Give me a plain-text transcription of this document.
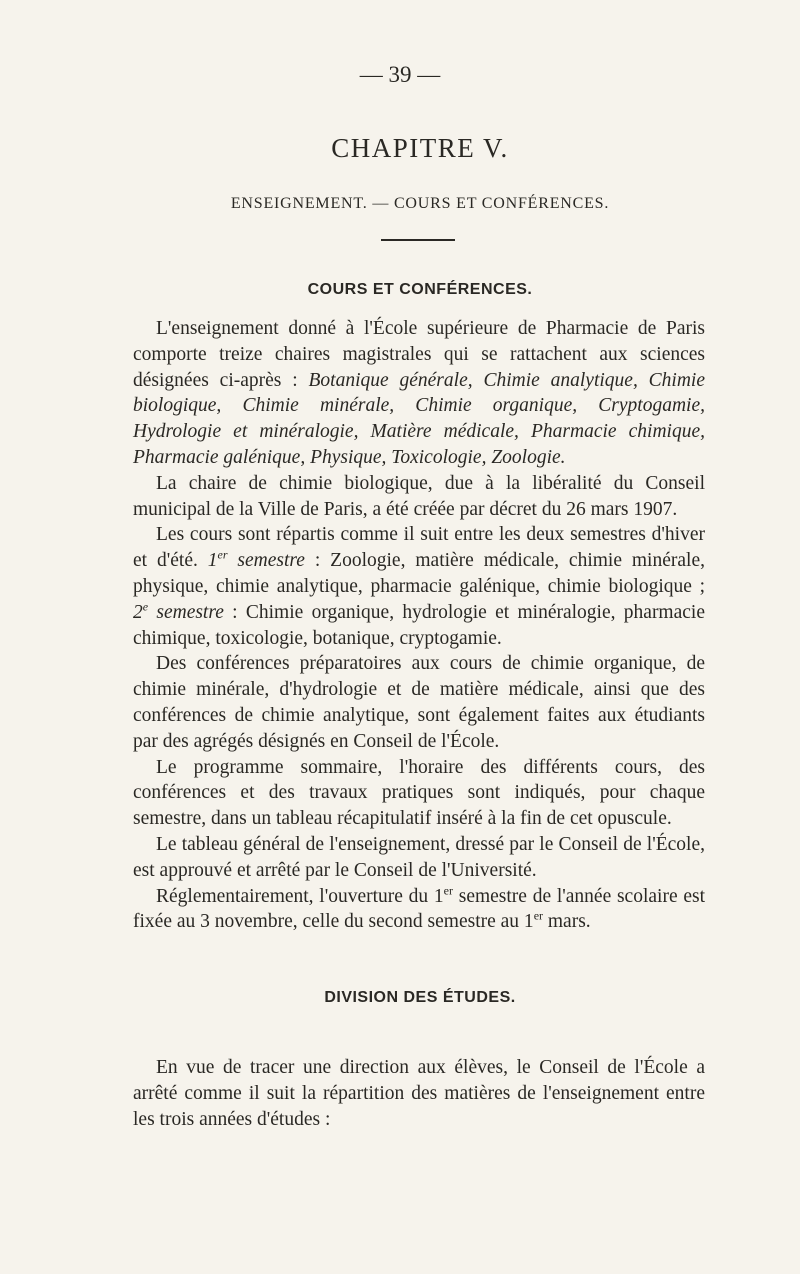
— 39 —
CHAPITRE V.
ENSEIGNEMENT. — COURS ET CONFÉRENCES.
COURS ET CONFÉRENCES.

L'enseignement donné à l'École supérieure de Pharmacie de Paris comporte treize chaires magistrales qui se rattachent aux sciences désignées ci-après : Botanique générale, Chimie analytique, Chimie biologique, Chimie minérale, Chimie organique, Cryptogamie, Hydrologie et minéralogie, Matière médicale, Pharmacie chimique, Pharmacie galénique, Physique, Toxicologie, Zoologie.

La chaire de chimie biologique, due à la libéralité du Conseil municipal de la Ville de Paris, a été créée par décret du 26 mars 1907.

Les cours sont répartis comme il suit entre les deux semestres d'hiver et d'été. 1er semestre : Zoologie, matière médicale, chimie minérale, physique, chimie analytique, pharmacie galénique, chimie biologique ; 2e semestre : Chimie organique, hydrologie et minéralogie, pharmacie chimique, toxicologie, botanique, cryptogamie.

Des conférences préparatoires aux cours de chimie organique, de chimie minérale, d'hydrologie et de matière médicale, ainsi que des conférences de chimie analytique, sont également faites aux étudiants par des agrégés désignés en Conseil de l'École.

Le programme sommaire, l'horaire des différents cours, des conférences et des travaux pratiques sont indiqués, pour chaque semestre, dans un tableau récapitulatif inséré à la fin de cet opuscule.

Le tableau général de l'enseignement, dressé par le Conseil de l'École, est approuvé et arrêté par le Conseil de l'Université.

Réglementairement, l'ouverture du 1er semestre de l'année scolaire est fixée au 3 novembre, celle du second semestre au 1er mars.

DIVISION DES ÉTUDES.

En vue de tracer une direction aux élèves, le Conseil de l'École a arrêté comme il suit la répartition des matières de l'enseignement entre les trois années d'études :
